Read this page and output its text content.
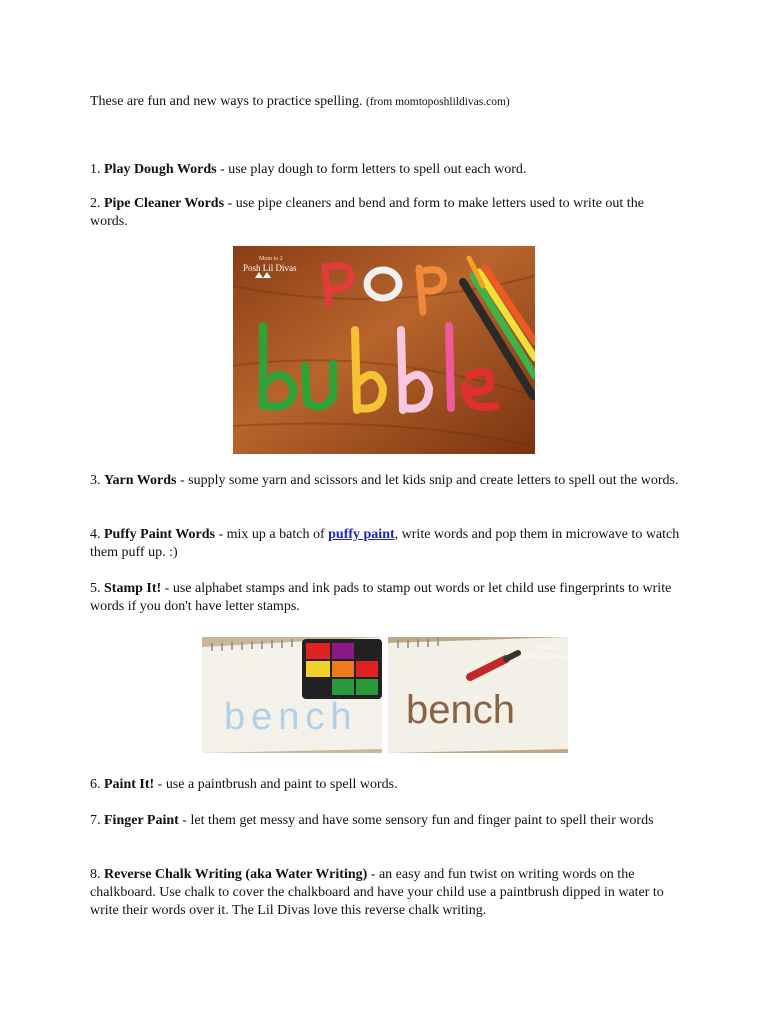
These are fun and new ways to practice spelling. (from momtoposhlildivas.com)

1. Play Dough Words - use play dough to form letters to spell out each word.

2. Pipe Cleaner Words - use pipe cleaners and bend and form to make letters used to write out the words.

Mom to 2
Posh Lil Divas

3. Yarn Words - supply some yarn and scissors and let kids snip and create letters to spell out the words.

4. Puffy Paint Words - mix up a batch of puffy paint, write words and pop them in microwave to watch them puff up. :)

5. Stamp It! - use alphabet stamps and ink pads to stamp out words or let child use fingerprints to write words if you don't have letter stamps.

bench
Mom to 2
Posh Lil Divas
bench

6. Paint It! - use a paintbrush and paint to spell words.

7. Finger Paint - let them get messy and have some sensory fun and finger paint to spell their words

8. Reverse Chalk Writing (aka Water Writing) - an easy and fun twist on writing words on the chalkboard. Use chalk to cover the chalkboard and have your child use a paintbrush dipped in water to write their words over it. The Lil Divas love this reverse chalk writing.
